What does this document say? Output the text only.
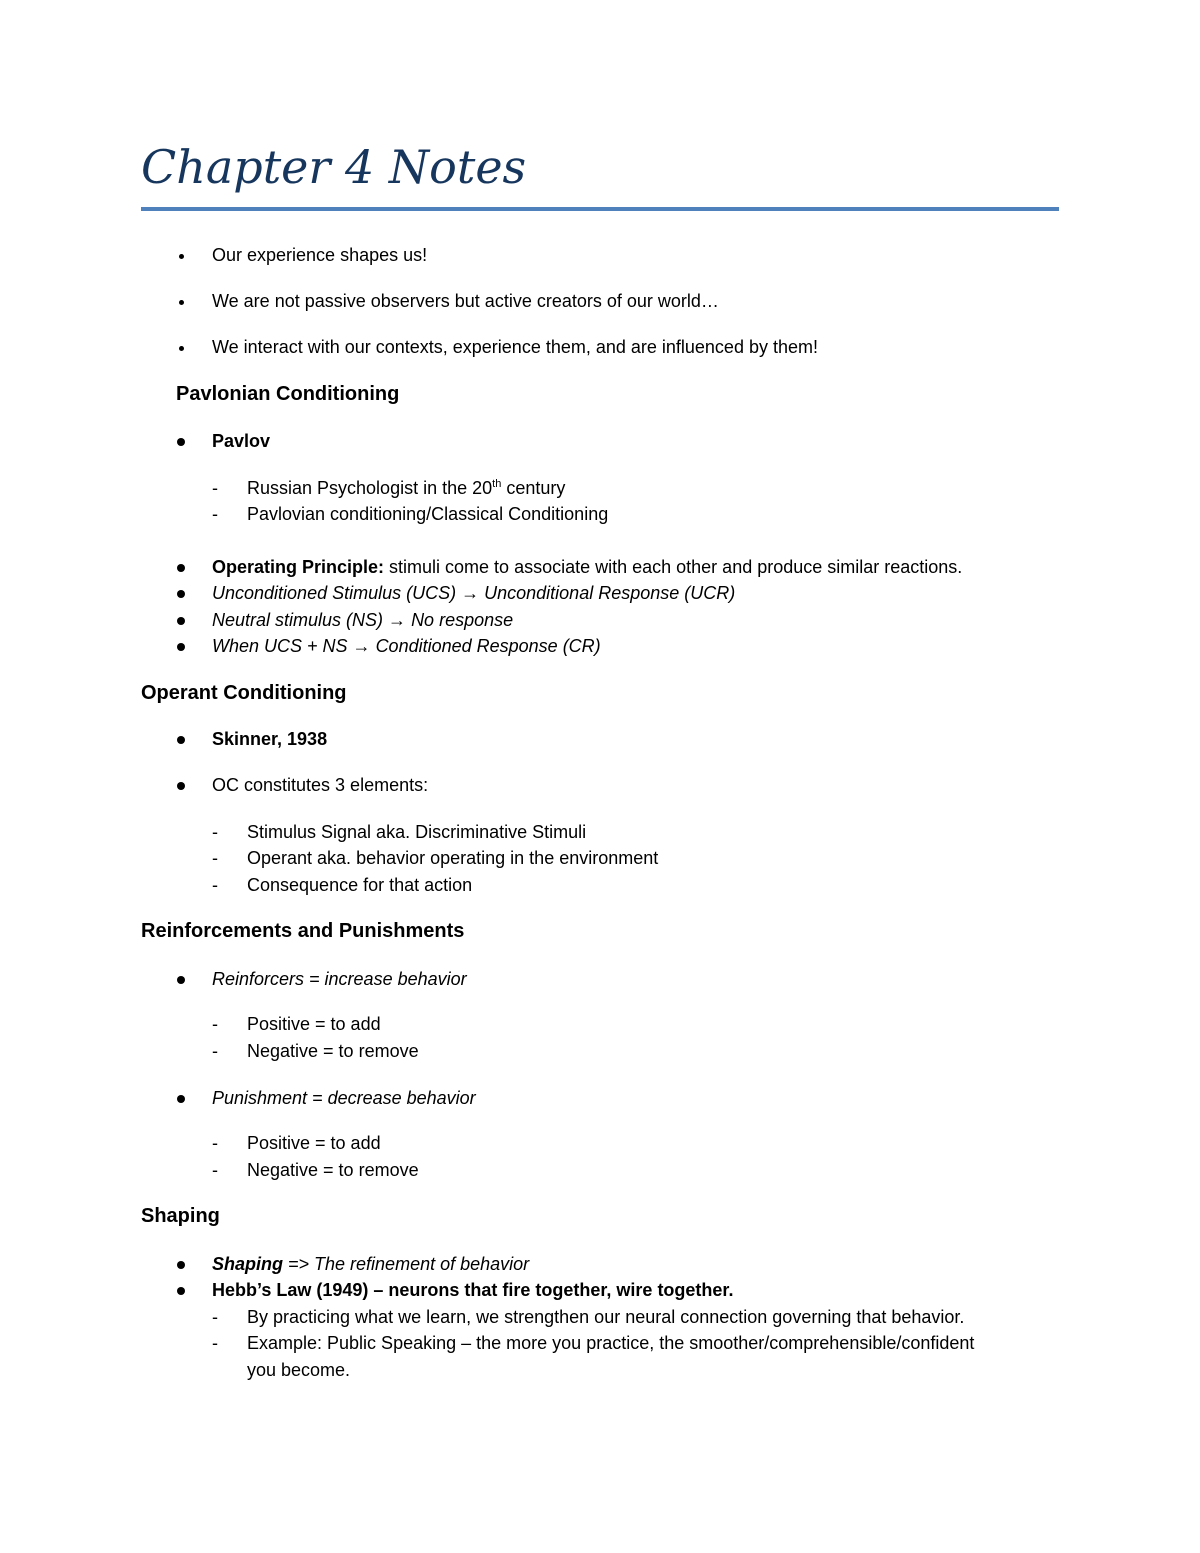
Chapter 4 Notes
Our experience shapes us!
We are not passive observers but active creators of our world…
We interact with our contexts, experience them, and are influenced by them!
Pavlonian Conditioning
Pavlov
- Russian Psychologist in the 20th century
- Pavlovian conditioning/Classical Conditioning
Operating Principle: stimuli come to associate with each other and produce similar reactions.
Unconditioned Stimulus (UCS) → Unconditional Response (UCR)
Neutral stimulus (NS) → No response
When UCS + NS → Conditioned Response (CR)
Operant Conditioning
Skinner, 1938
OC constitutes 3 elements:
- Stimulus Signal aka. Discriminative Stimuli
- Operant aka. behavior operating in the environment
- Consequence for that action
Reinforcements and Punishments
Reinforcers = increase behavior
- Positive = to add
- Negative = to remove
Punishment = decrease behavior
- Positive = to add
- Negative = to remove
Shaping
Shaping => The refinement of behavior
Hebb’s Law (1949) – neurons that fire together, wire together.
- By practicing what we learn, we strengthen our neural connection governing that behavior.
- Example: Public Speaking – the more you practice, the smoother/comprehensible/confident
you become.
